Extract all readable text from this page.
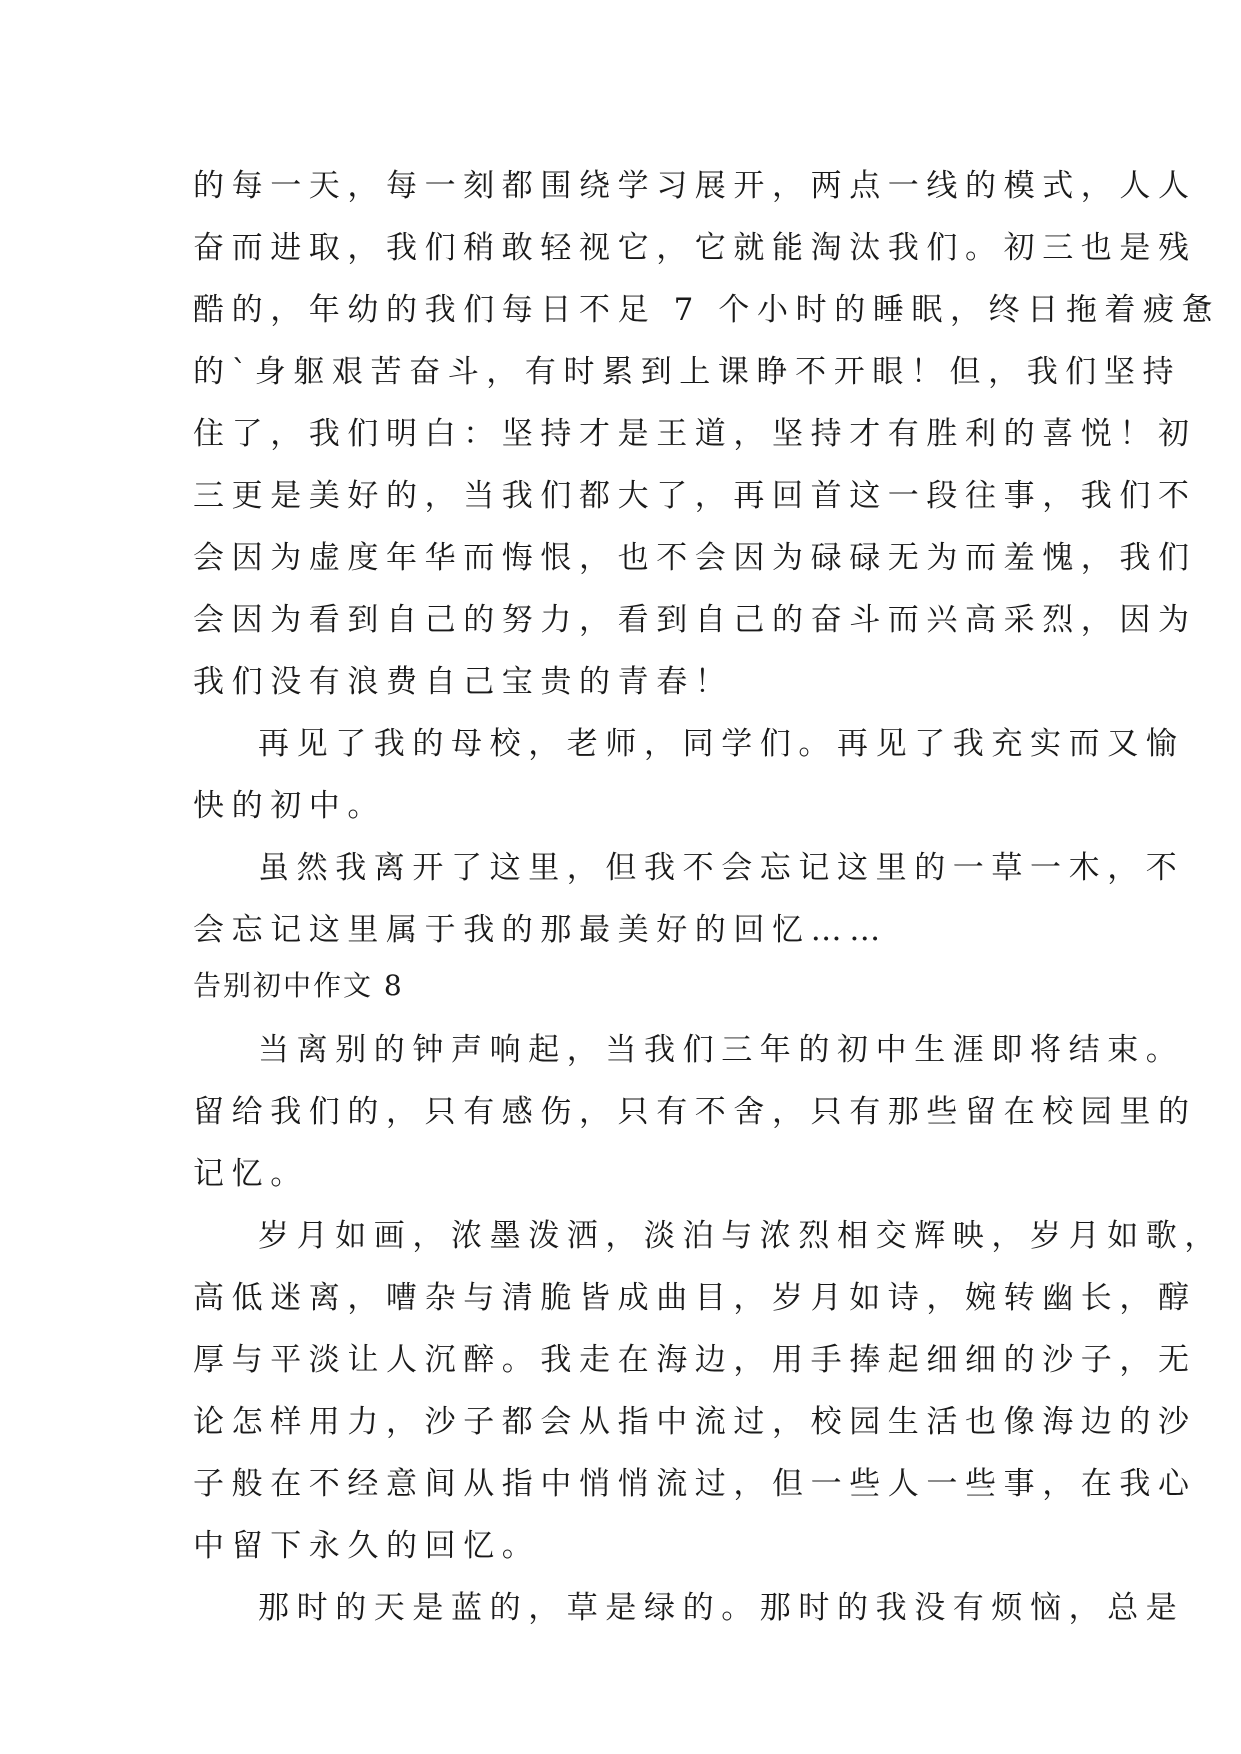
的每一天，每一刻都围绕学习展开，两点一线的模式，人人
奋而进取，我们稍敢轻视它，它就能淘汰我们。初三也是残
酷的，年幼的我们每日不足 7 个小时的睡眠，终日拖着疲惫
的`身躯艰苦奋斗，有时累到上课睁不开眼！但，我们坚持
住了，我们明白：坚持才是王道，坚持才有胜利的喜悦！初
三更是美好的，当我们都大了，再回首这一段往事，我们不
会因为虚度年华而悔恨，也不会因为碌碌无为而羞愧，我们
会因为看到自己的努力，看到自己的奋斗而兴高采烈，因为
我们没有浪费自己宝贵的青春！
再见了我的母校，老师，同学们。再见了我充实而又愉
快的初中。
虽然我离开了这里，但我不会忘记这里的一草一木，不
会忘记这里属于我的那最美好的回忆……
告别初中作文 8
当离别的钟声响起，当我们三年的初中生涯即将结束。
留给我们的，只有感伤，只有不舍，只有那些留在校园里的
记忆。
岁月如画，浓墨泼洒，淡泊与浓烈相交辉映，岁月如歌，
高低迷离，嘈杂与清脆皆成曲目，岁月如诗，婉转幽长，醇
厚与平淡让人沉醉。我走在海边，用手捧起细细的沙子，无
论怎样用力，沙子都会从指中流过，校园生活也像海边的沙
子般在不经意间从指中悄悄流过，但一些人一些事，在我心
中留下永久的回忆。
那时的天是蓝的，草是绿的。那时的我没有烦恼，总是
